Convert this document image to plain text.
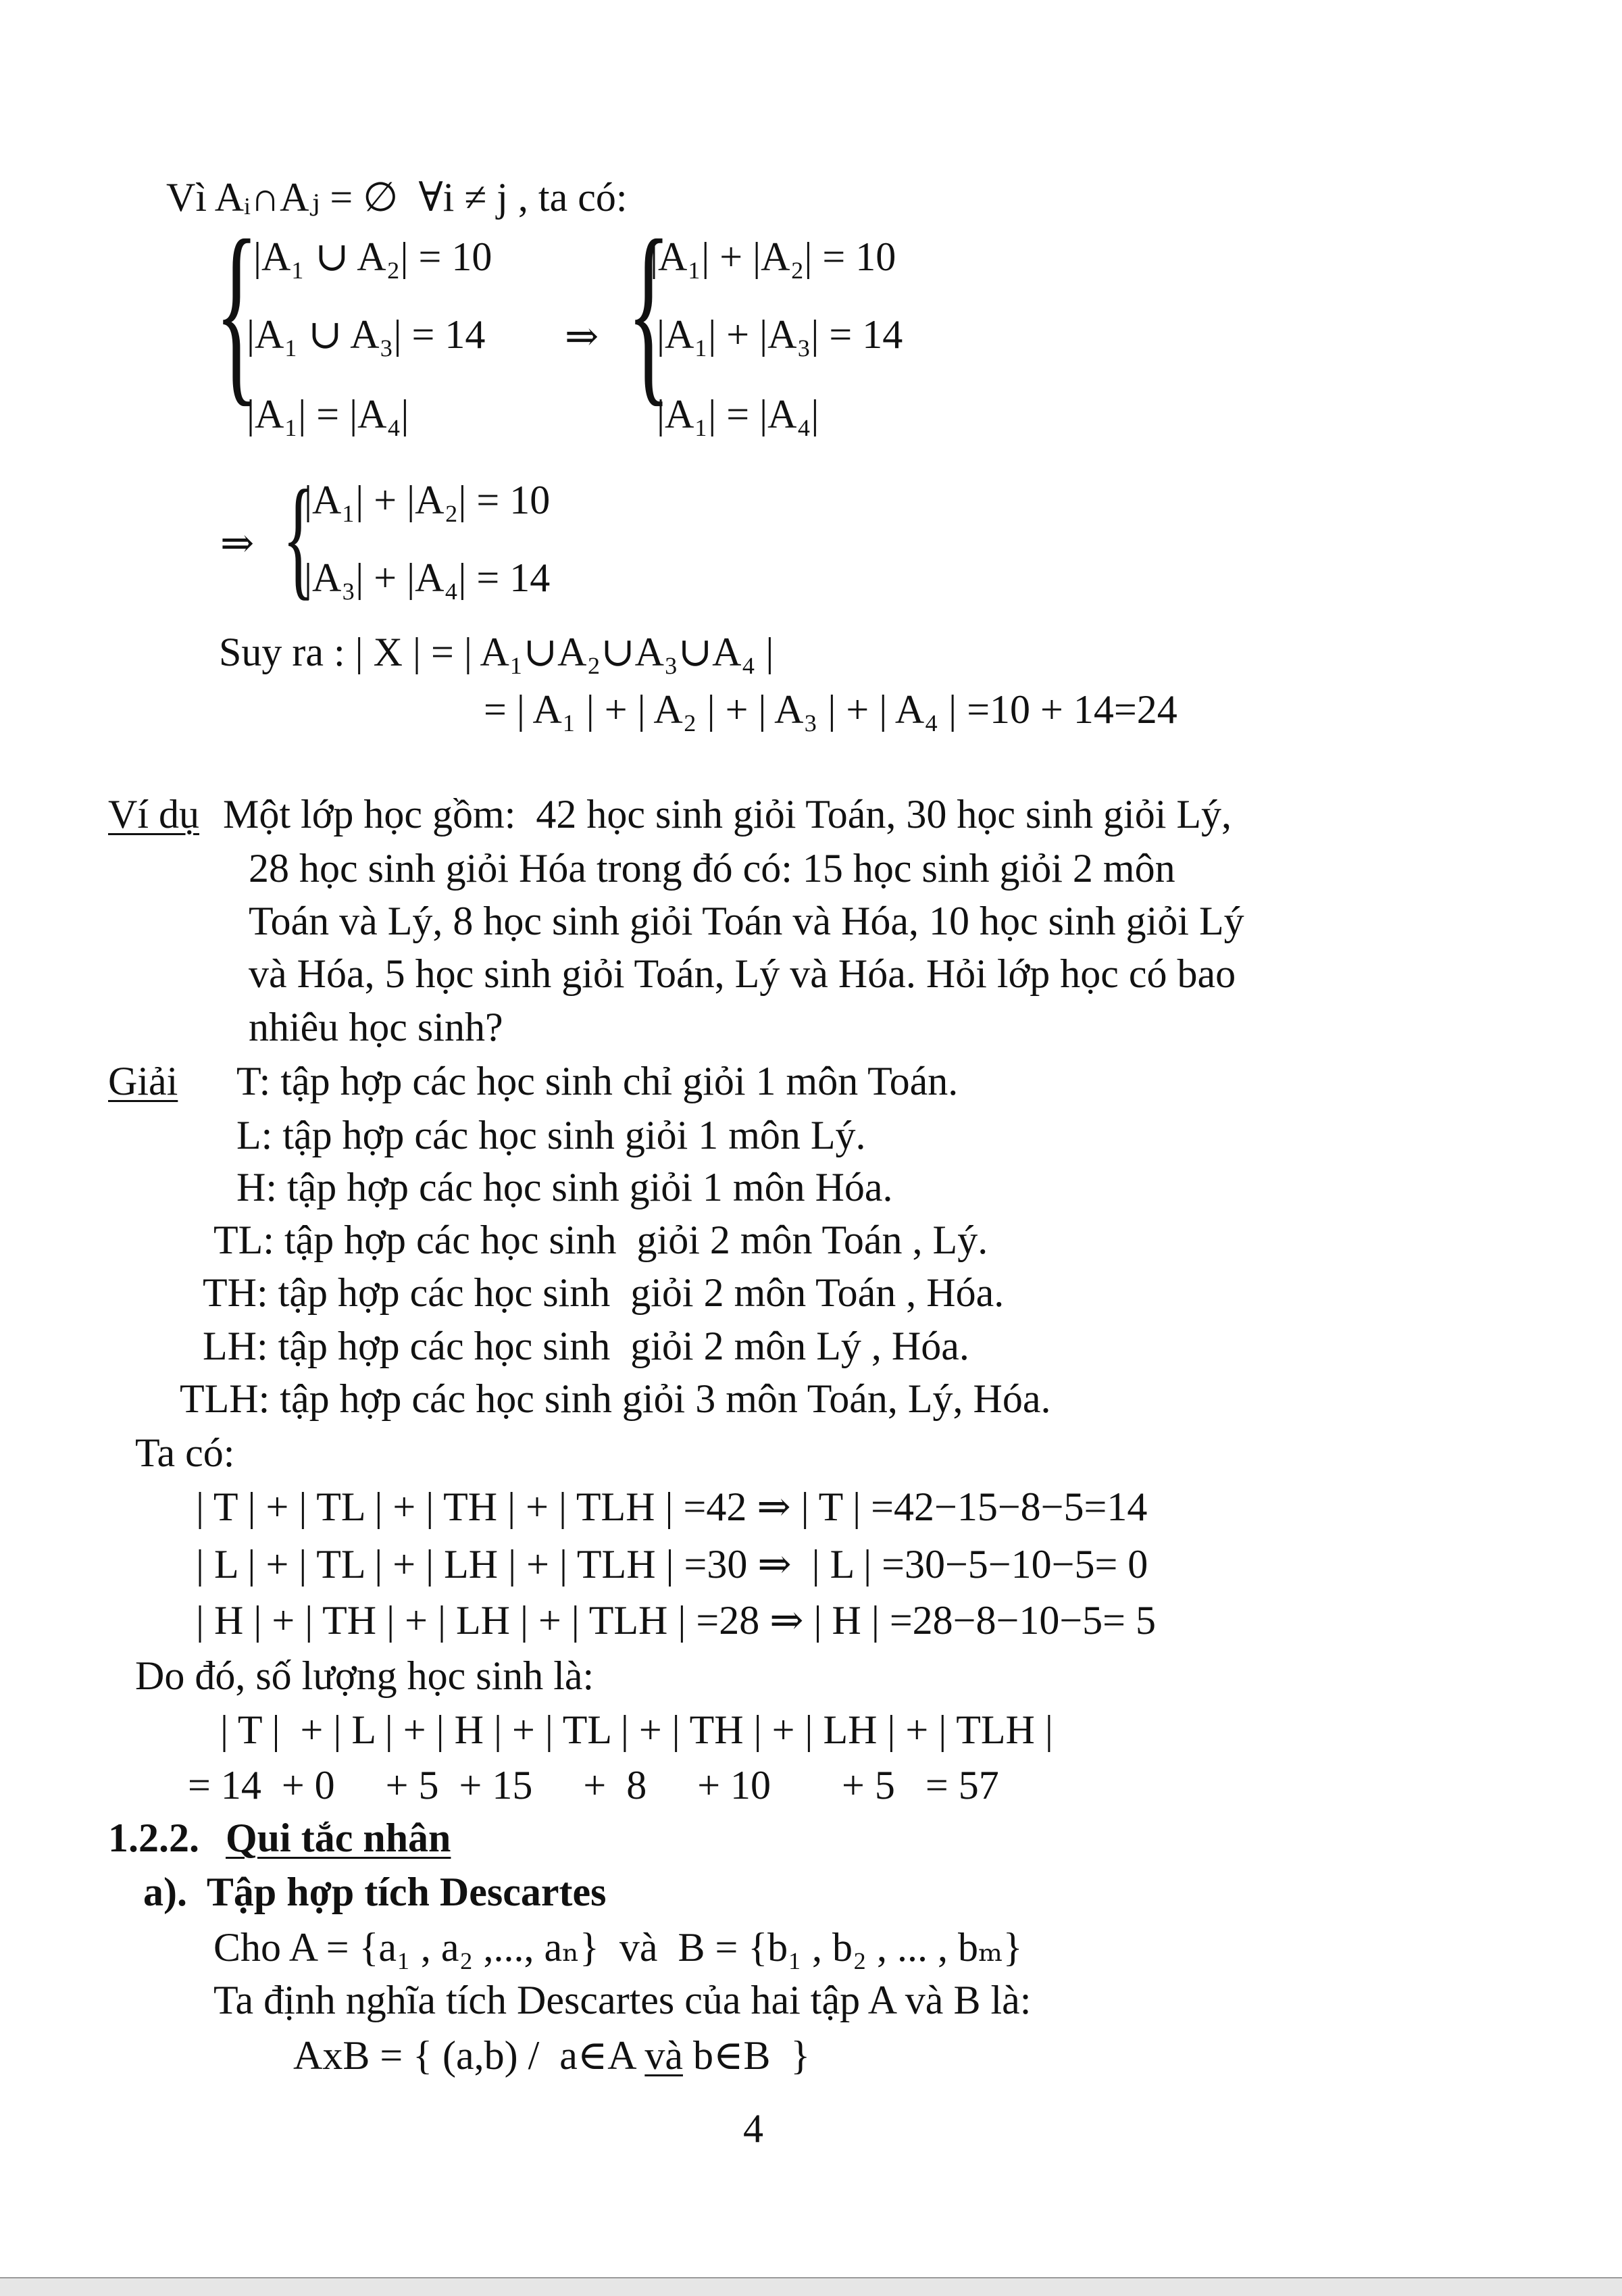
Vì Aᵢ∩Aⱼ = ∅  ∀i ≠ j , ta có:
{
|A₁ ∪ A₂| = 10
|A₁ ∪ A₃| = 14
|A₁| = |A₄|
⇒ {
|A₁| + |A₂| = 10
|A₁| + |A₃| = 14
|A₁| = |A₄|
⇒ {
|A₁| + |A₂| = 10
|A₃| + |A₄| = 14
Suy ra : | X | = | A₁∪A₂∪A₃∪A₄ |
= | A₁ | + | A₂ | + | A₃ | + | A₄ | =10 + 14=24
Ví dụ Một lớp học gồm:  42 học sinh giỏi Toán, 30 học sinh giỏi Lý,
28 học sinh giỏi Hóa trong đó có: 15 học sinh giỏi 2 môn
Toán và Lý, 8 học sinh giỏi Toán và Hóa, 10 học sinh giỏi Lý
và Hóa, 5 học sinh giỏi Toán, Lý và Hóa. Hỏi lớp học có bao
nhiêu học sinh?
Giải T: tập hợp các học sinh chỉ giỏi 1 môn Toán.
L: tập hợp các học sinh giỏi 1 môn Lý.
H: tập hợp các học sinh giỏi 1 môn Hóa.
TL: tập hợp các học sinh  giỏi 2 môn Toán , Lý.
TH: tập hợp các học sinh  giỏi 2 môn Toán , Hóa.
LH: tập hợp các học sinh  giỏi 2 môn Lý , Hóa.
TLH: tập hợp các học sinh giỏi 3 môn Toán, Lý, Hóa.
Ta có:
| T | + | TL | + | TH | + | TLH | =42 ⇒ | T | =42−15−8−5=14
| L | + | TL | + | LH | + | TLH | =30 ⇒  | L | =30−5−10−5= 0
| H | + | TH | + | LH | + | TLH | =28 ⇒ | H | =28−8−10−5= 5
Do đó, số lượng học sinh là:
| T |  + | L | + | H | + | TL | + | TH | + | LH | + | TLH |
= 14  + 0     + 5  + 15     +  8     + 10       + 5   = 57
1.2.2. Qui tắc nhân
a).  Tập hợp tích Descartes
Cho A = {a₁ , a₂ ,..., aₙ}  và  B = {b₁ , b₂ , ... , bₘ}
Ta định nghĩa tích Descartes của hai tập A và B là:
AxB = { (a,b) /  a∈A và b∈B  }
4
